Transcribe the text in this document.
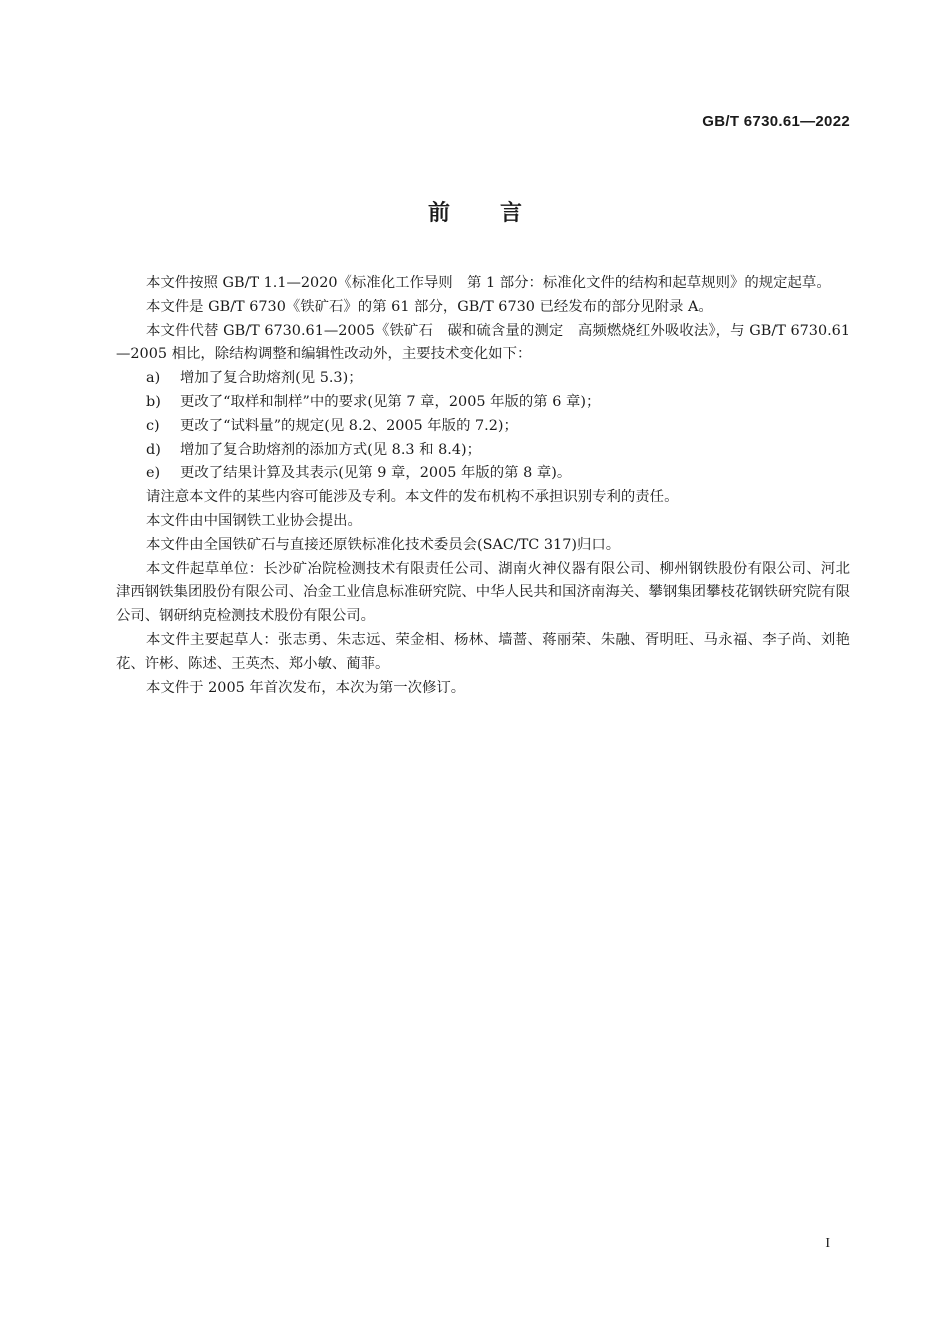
GB/T 6730.61—2022
前言

本文件按照 GB/T 1.1—2020《标准化工作导则　第 1 部分：标准化文件的结构和起草规则》的规定起草。

本文件是 GB/T 6730《铁矿石》的第 61 部分，GB/T 6730 已经发布的部分见附录 A。

本文件代替 GB/T 6730.61—2005《铁矿石　碳和硫含量的测定　高频燃烧红外吸收法》，与 GB/T 6730.61—2005 相比，除结构调整和编辑性改动外，主要技术变化如下：

a) 增加了复合助熔剂(见 5.3)；

b) 更改了“取样和制样”中的要求(见第 7 章，2005 年版的第 6 章)；

c) 更改了“试料量”的规定(见 8.2、2005 年版的 7.2)；

d) 增加了复合助熔剂的添加方式(见 8.3 和 8.4)；

e) 更改了结果计算及其表示(见第 9 章，2005 年版的第 8 章)。

请注意本文件的某些内容可能涉及专利。本文件的发布机构不承担识别专利的责任。

本文件由中国钢铁工业协会提出。

本文件由全国铁矿石与直接还原铁标准化技术委员会(SAC/TC 317)归口。

本文件起草单位：长沙矿冶院检测技术有限责任公司、湖南火神仪器有限公司、柳州钢铁股份有限公司、河北津西钢铁集团股份有限公司、冶金工业信息标准研究院、中华人民共和国济南海关、攀钢集团攀枝花钢铁研究院有限公司、钢研纳克检测技术股份有限公司。

本文件主要起草人：张志勇、朱志远、荣金相、杨林、墙蔷、蒋丽荣、朱融、胥明旺、马永福、李子尚、刘艳花、许彬、陈述、王英杰、郑小敏、蔺菲。

本文件于 2005 年首次发布，本次为第一次修订。

I
